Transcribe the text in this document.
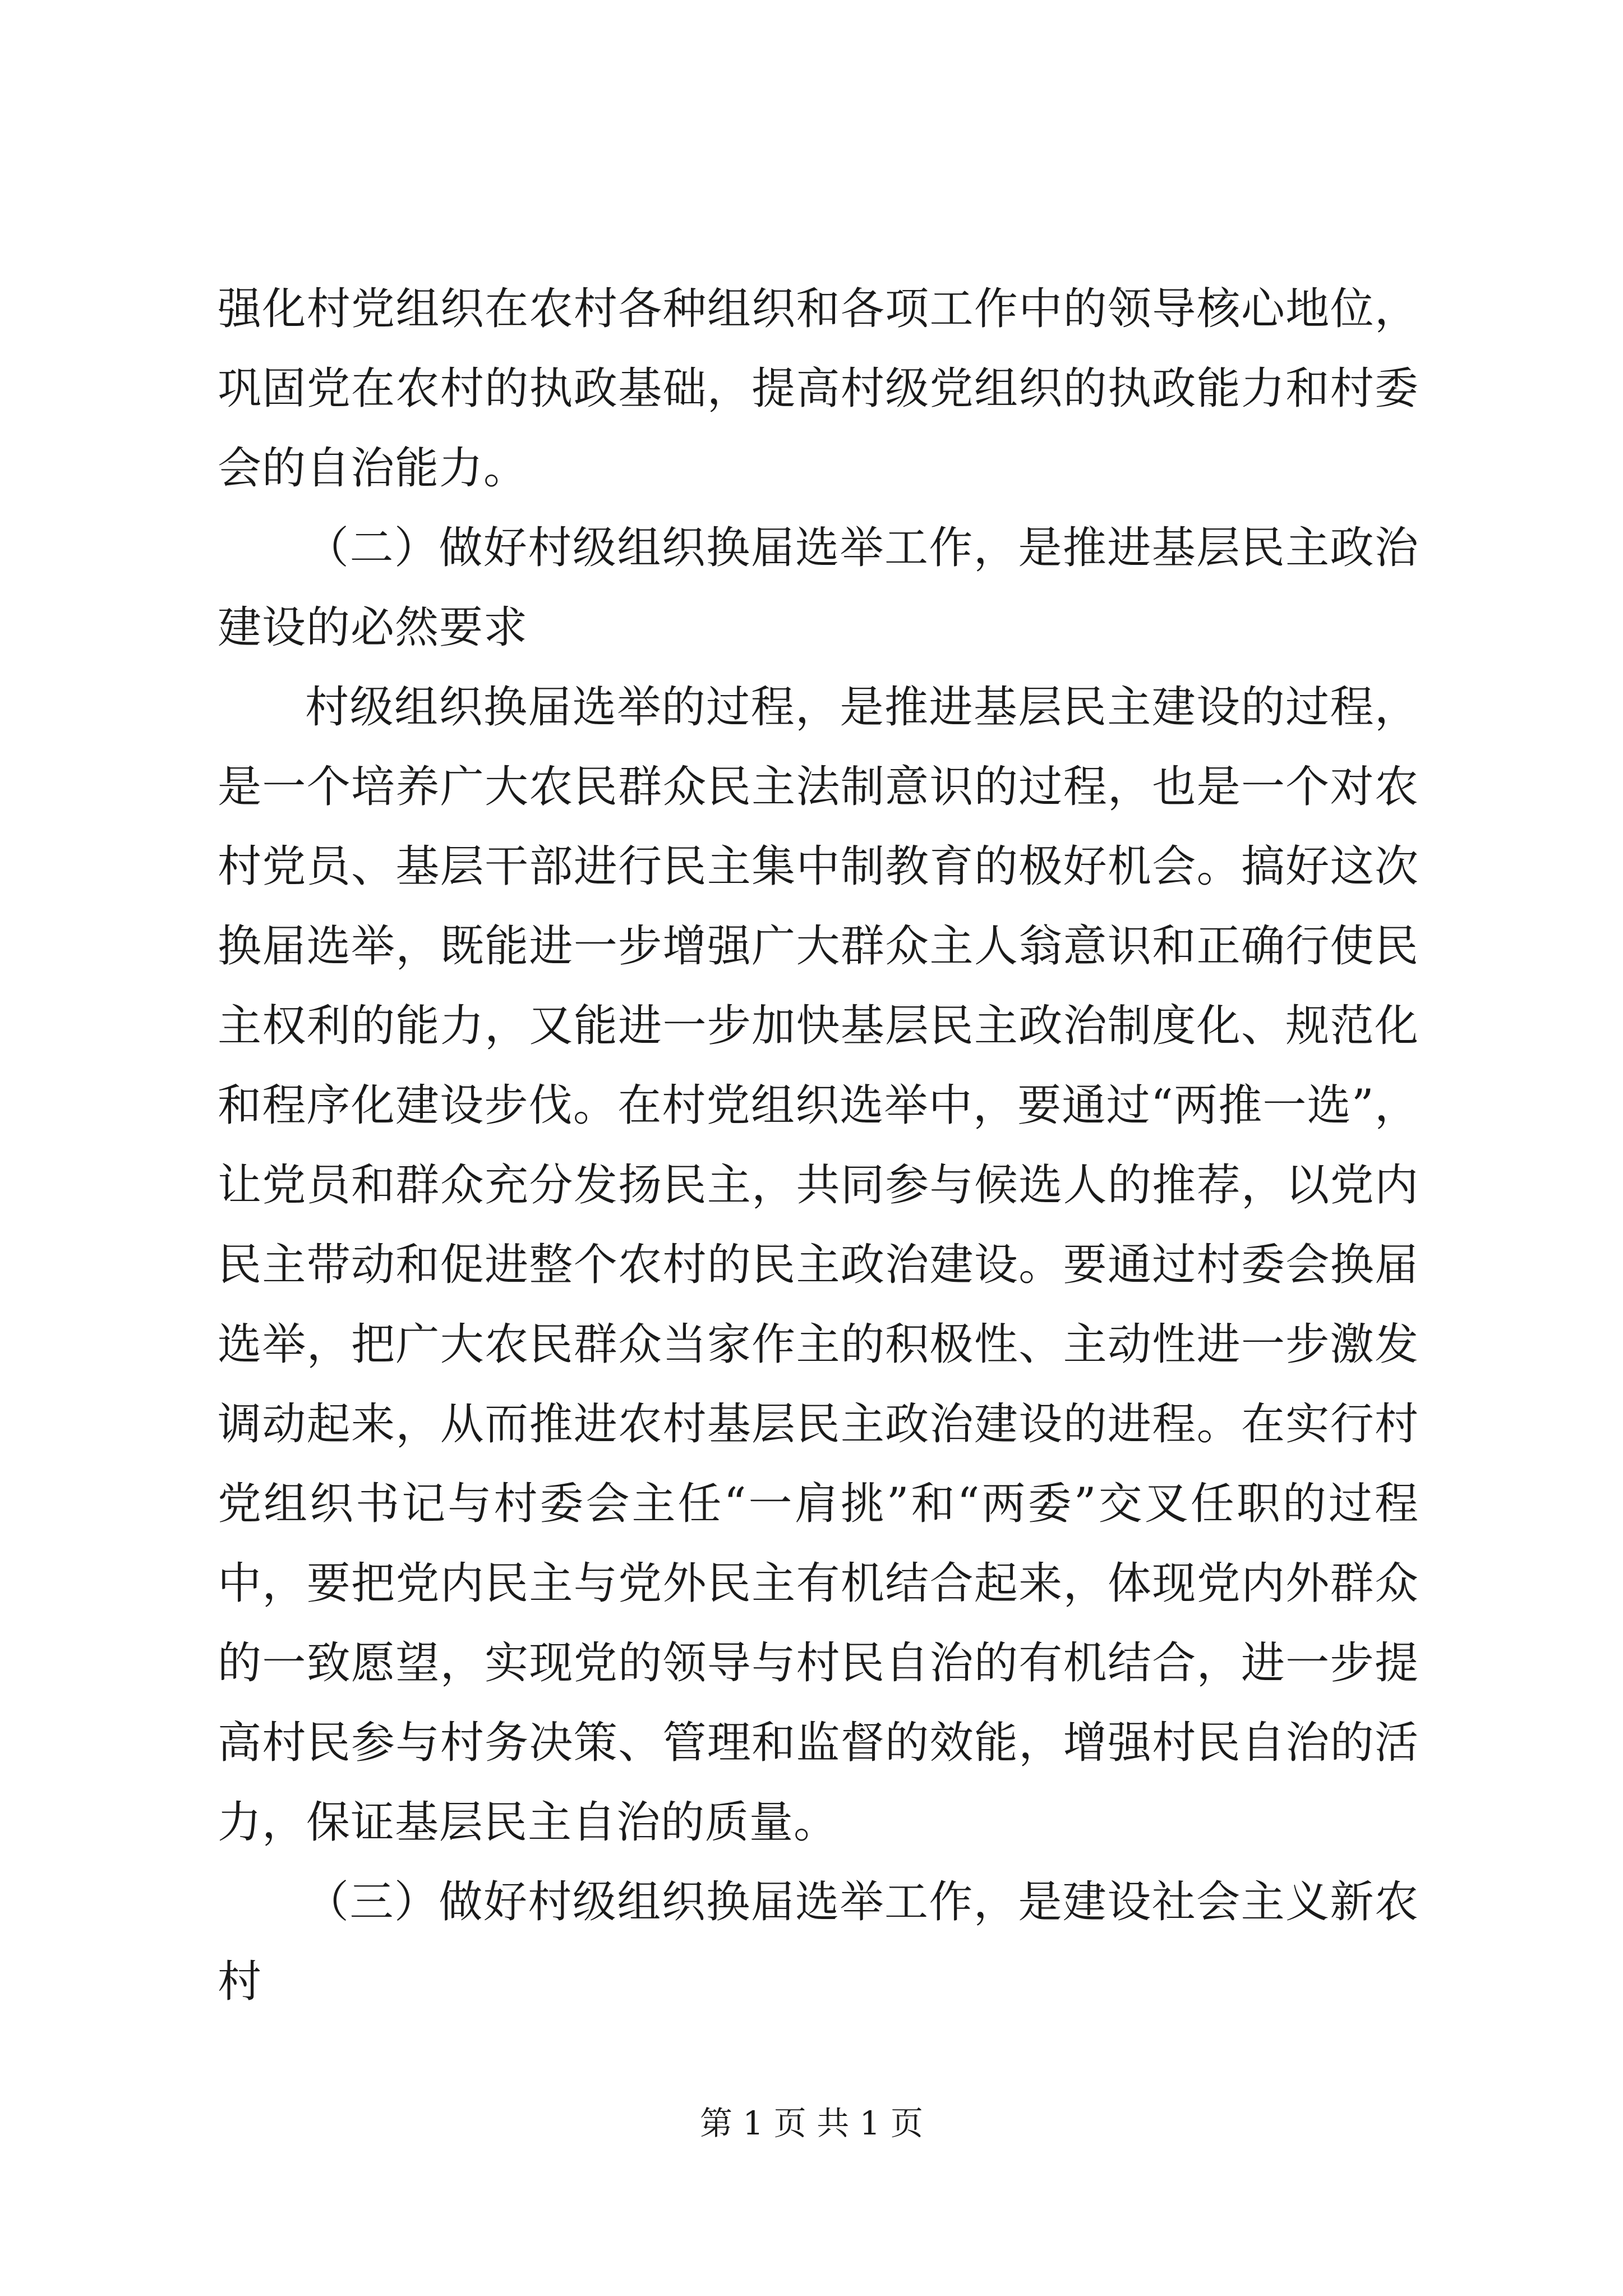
强化村党组织在农村各种组织和各项工作中的领导核心地位，巩固党在农村的执政基础，提高村级党组织的执政能力和村委会的自治能力。

（二）做好村级组织换届选举工作，是推进基层民主政治建设的必然要求

村级组织换届选举的过程，是推进基层民主建设的过程，是一个培养广大农民群众民主法制意识的过程，也是一个对农村党员、基层干部进行民主集中制教育的极好机会。搞好这次换届选举，既能进一步增强广大群众主人翁意识和正确行使民主权利的能力，又能进一步加快基层民主政治制度化、规范化和程序化建设步伐。在村党组织选举中，要通过“两推一选”，让党员和群众充分发扬民主，共同参与候选人的推荐，以党内民主带动和促进整个农村的民主政治建设。要通过村委会换届选举，把广大农民群众当家作主的积极性、主动性进一步激发调动起来，从而推进农村基层民主政治建设的进程。在实行村党组织书记与村委会主任“一肩挑”和“两委”交叉任职的过程中，要把党内民主与党外民主有机结合起来，体现党内外群众的一致愿望，实现党的领导与村民自治的有机结合，进一步提高村民参与村务决策、管理和监督的效能，增强村民自治的活力，保证基层民主自治的质量。

（三）做好村级组织换届选举工作，是建设社会主义新农村

第 1 页 共 1 页
